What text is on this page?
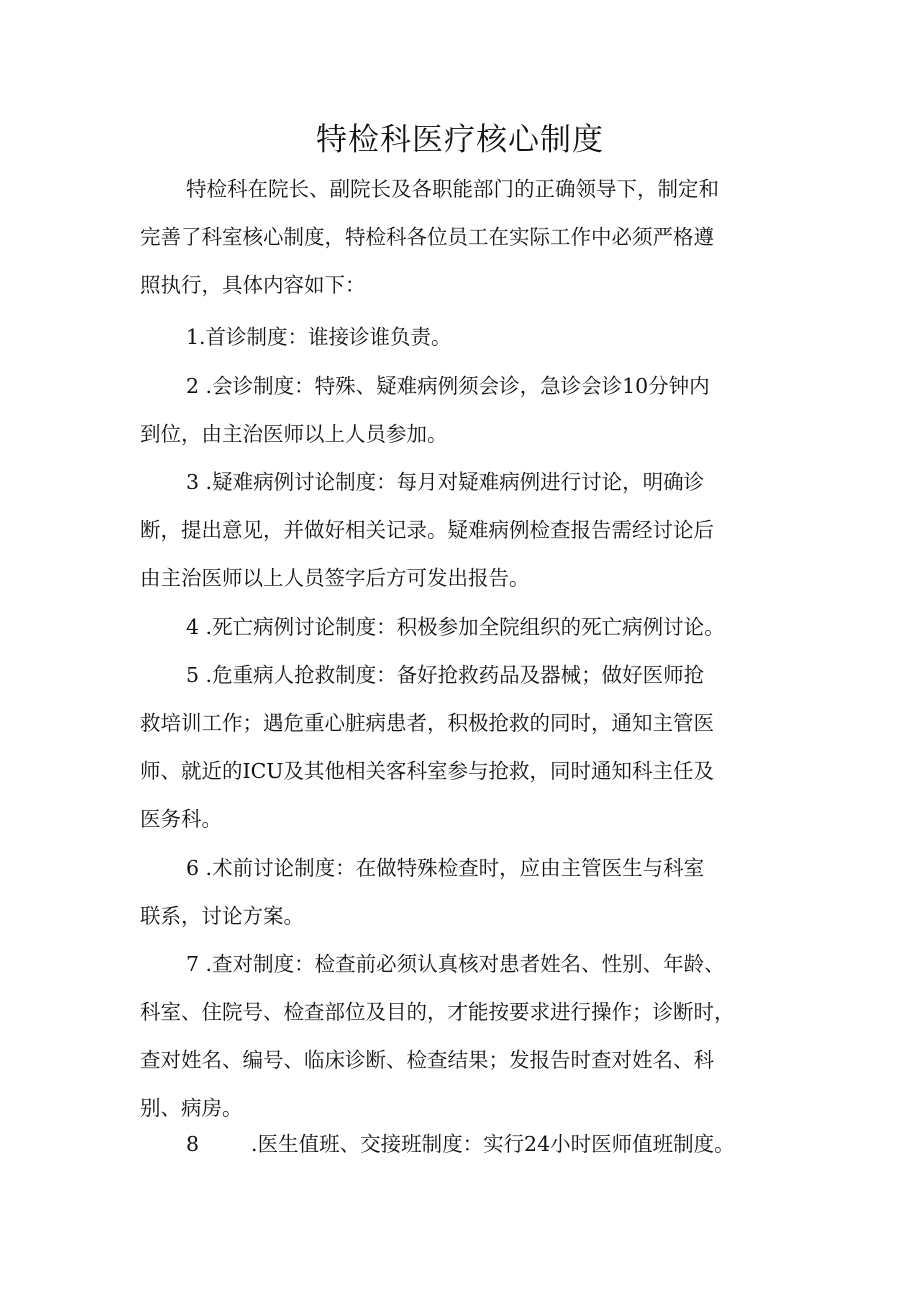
特检科医疗核心制度
特检科在院长、副院长及各职能部门的正确领导下，制定和
完善了科室核心制度，特检科各位员工在实际工作中必须严格遵
照执行，具体内容如下：
1.首诊制度：谁接诊谁负责。
2 .会诊制度：特殊、疑难病例须会诊，急诊会诊10分钟内
到位，由主治医师以上人员参加。
3 .疑难病例讨论制度：每月对疑难病例进行讨论，明确诊
断，提出意见，并做好相关记录。疑难病例检查报告需经讨论后
由主治医师以上人员签字后方可发出报告。
4 .死亡病例讨论制度：积极参加全院组织的死亡病例讨论。
5 .危重病人抢救制度：备好抢救药品及器械；做好医师抢
救培训工作；遇危重心脏病患者，积极抢救的同时，通知主管医
师、就近的ICU及其他相关客科室参与抢救，同时通知科主任及
医务科。
6 .术前讨论制度：在做特殊检查时，应由主管医生与科室
联系，讨论方案。
7 .查对制度：检查前必须认真核对患者姓名、性别、年龄、
科室、住院号、检查部位及目的，才能按要求进行操作；诊断时，
查对姓名、编号、临床诊断、检查结果；发报告时查对姓名、科
别、病房。
8	.医生值班、交接班制度：实行24小时医师值班制度。
